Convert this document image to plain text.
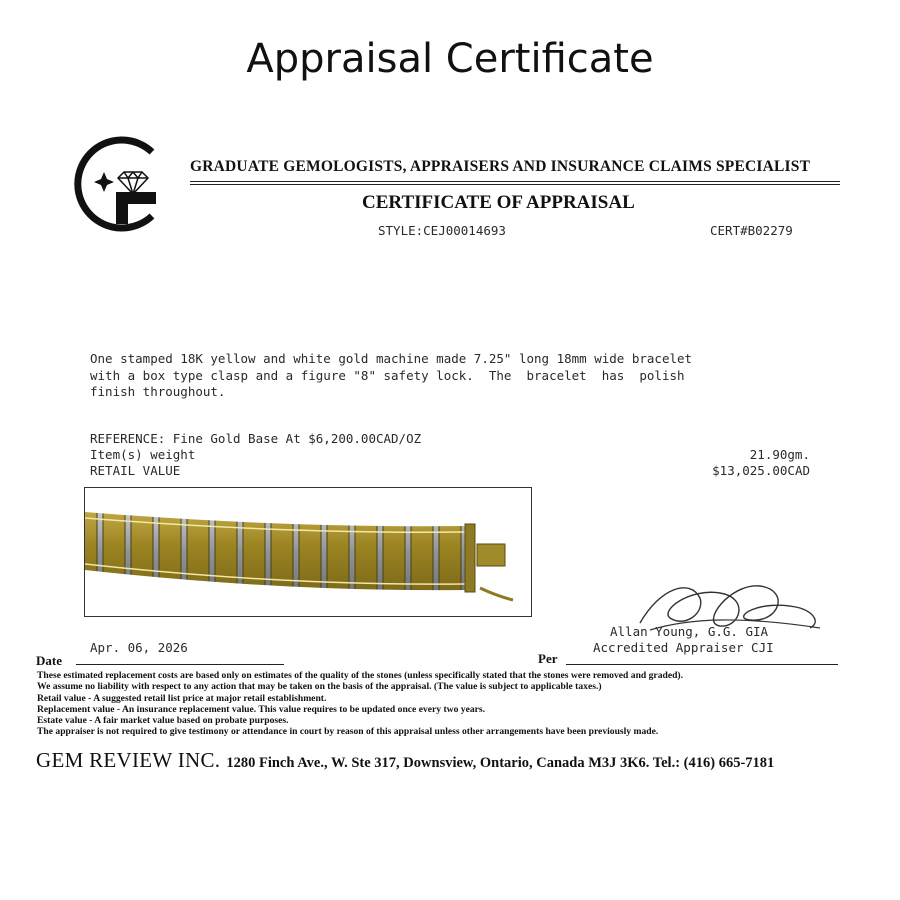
Appraisal Certificate
GRADUATE GEMOLOGISTS, APPRAISERS AND INSURANCE CLAIMS SPECIALIST
CERTIFICATE OF APPRAISAL
STYLE:CEJ00014693	CERT#B02279
One stamped 18K yellow and white gold machine made 7.25" long 18mm wide bracelet
with a box type clasp and a figure "8" safety lock.  The  bracelet  has  polish
finish throughout.
REFERENCE: Fine Gold Base At $6,200.00CAD/OZ
Item(s) weight	21.90gm.
RETAIL VALUE	$13,025.00CAD
Allan Young, G.G. GIA
Accredited Appraiser CJI
Apr. 06, 2026
Date	Per
These estimated replacement costs are based only on estimates of the quality of the stones (unless specifically stated that the stones were removed and graded).
We assume no liability with respect to any action that may be taken on the basis of the appraisal. (The value is subject to applicable taxes.)
Retail value - A suggested retail list price at major retail establishment.
Replacement value - An insurance replacement value. This value requires to be updated once every two years.
Estate value - A fair market value based on probate purposes.
The appraiser is not required to give testimony or attendance in court by reason of this appraisal unless other arrangements have been previously made.
GEM REVIEW INC. 1280 Finch Ave., W. Ste 317, Downsview, Ontario, Canada M3J 3K6. Tel.: (416) 665-7181
